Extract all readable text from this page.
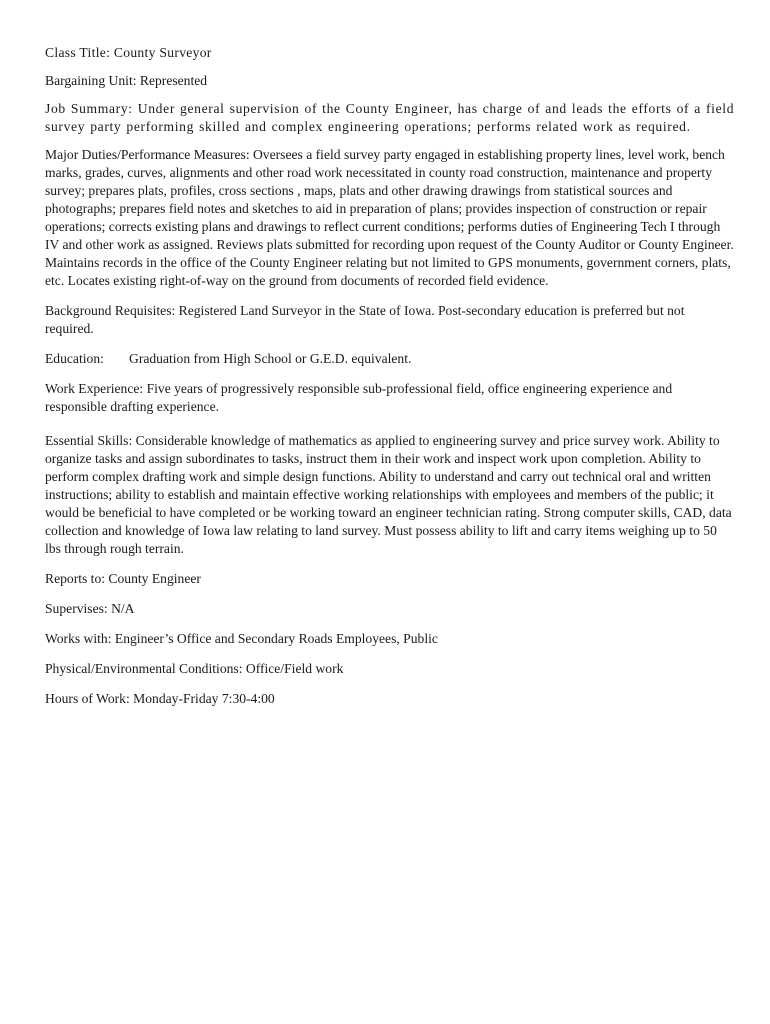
Class Title: County Surveyor

Bargaining Unit: Represented

Job Summary: Under general supervision of the County Engineer, has charge of and leads the efforts of a field survey party performing skilled and complex engineering operations; performs related work as required.

Major Duties/Performance Measures: Oversees a field survey party engaged in establishing property lines, level work, bench marks, grades, curves, alignments and other road work necessitated in county road construction, maintenance and property survey; prepares plats, profiles, cross sections , maps, plats and other drawing drawings from statistical sources and photographs; prepares field notes and sketches to aid in preparation of plans; provides inspection of construction or repair operations; corrects existing plans and drawings to reflect current conditions; performs duties of Engineering Tech I through IV and other work as assigned. Reviews plats submitted for recording upon request of the County Auditor or County Engineer. Maintains records in the office of the County Engineer relating but not limited to GPS monuments, government corners, plats, etc. Locates existing right-of-way on the ground from documents of recorded field evidence.

Background Requisites: Registered Land Surveyor in the State of Iowa. Post-secondary education is preferred but not required.

Education: Graduation from High School or G.E.D. equivalent.

Work Experience: Five years of progressively responsible sub-professional field, office engineering experience and responsible drafting experience.

Essential Skills: Considerable knowledge of mathematics as applied to engineering survey and price survey work. Ability to organize tasks and assign subordinates to tasks, instruct them in their work and inspect work upon completion. Ability to perform complex drafting work and simple design functions. Ability to understand and carry out technical oral and written instructions; ability to establish and maintain effective working relationships with employees and members of the public; it would be beneficial to have completed or be working toward an engineer technician rating. Strong computer skills, CAD, data collection and knowledge of Iowa law relating to land survey. Must possess ability to lift and carry items weighing up to 50 lbs through rough terrain.

Reports to: County Engineer

Supervises: N/A

Works with: Engineer’s Office and Secondary Roads Employees, Public

Physical/Environmental Conditions: Office/Field work

Hours of Work: Monday-Friday 7:30-4:00
